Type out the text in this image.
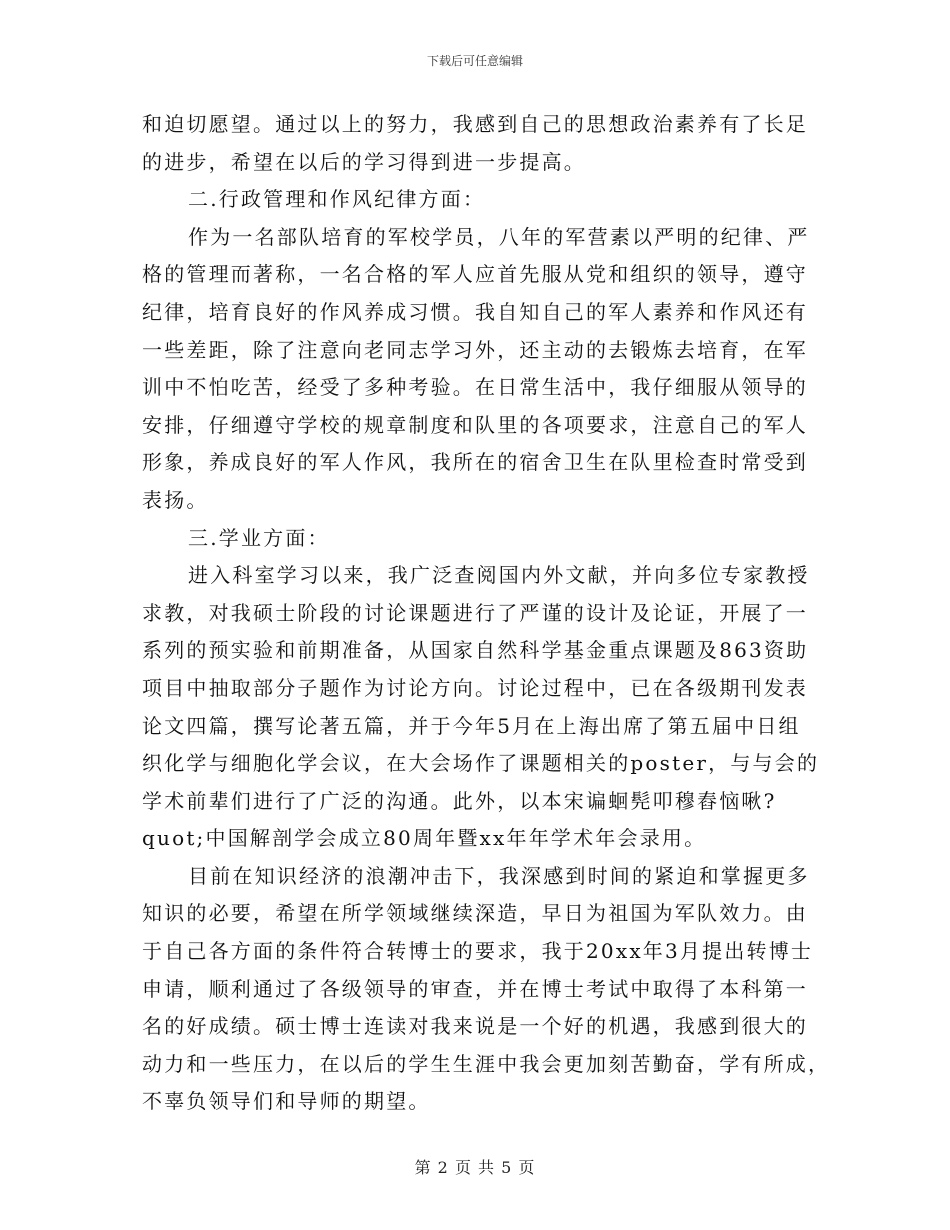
下载后可任意编辑
和迫切愿望。通过以上的努力，我感到自己的思想政治素养有了长足
的进步，希望在以后的学习得到进一步提高。
二.行政管理和作风纪律方面：
作为一名部队培育的军校学员，八年的军营素以严明的纪律、严
格的管理而著称，一名合格的军人应首先服从党和组织的领导，遵守
纪律，培育良好的作风养成习惯。我自知自己的军人素养和作风还有
一些差距，除了注意向老同志学习外，还主动的去锻炼去培育，在军
训中不怕吃苦，经受了多种考验。在日常生活中，我仔细服从领导的
安排，仔细遵守学校的规章制度和队里的各项要求，注意自己的军人
形象，养成良好的军人作风，我所在的宿舍卫生在队里检查时常受到
表扬。
三.学业方面：
进入科室学习以来，我广泛查阅国内外文献，并向多位专家教授
求教，对我硕士阶段的讨论课题进行了严谨的设计及论证，开展了一
系列的预实验和前期准备，从国家自然科学基金重点课题及863资助
项目中抽取部分子题作为讨论方向。讨论过程中，已在各级期刊发表
论文四篇，撰写论著五篇，并于今年5月在上海出席了第五届中日组
织化学与细胞化学会议，在大会场作了课题相关的poster，与与会的
学术前辈们进行了广泛的沟通。此外，以本宋谝蛔髡叩穆舂恼啾?
quot;中国解剖学会成立80周年暨xx年年学术年会录用。
目前在知识经济的浪潮冲击下，我深感到时间的紧迫和掌握更多
知识的必要，希望在所学领域继续深造，早日为祖国为军队效力。由
于自己各方面的条件符合转博士的要求，我于20xx年3月提出转博士
申请，顺利通过了各级领导的审查，并在博士考试中取得了本科第一
名的好成绩。硕士博士连读对我来说是一个好的机遇，我感到很大的
动力和一些压力，在以后的学生生涯中我会更加刻苦勤奋，学有所成，
不辜负领导们和导师的期望。
第 2 页 共 5 页
